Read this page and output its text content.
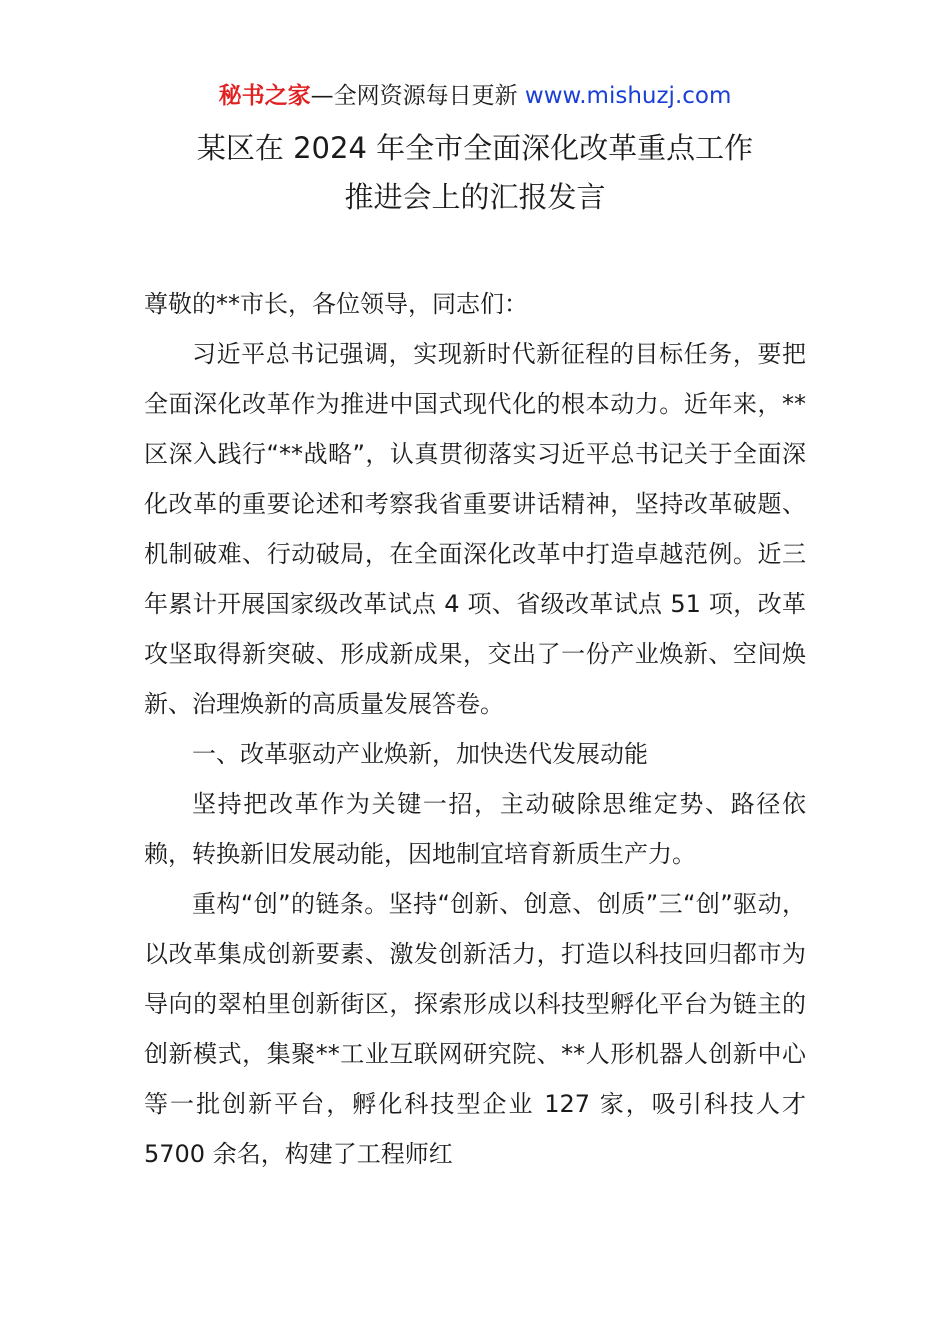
秘书之家—全网资源每日更新 www.mishuzj.com
某区在 2024 年全市全面深化改革重点工作
推进会上的汇报发言

尊敬的**市长，各位领导，同志们：

习近平总书记强调，实现新时代新征程的目标任务，要把全面深化改革作为推进中国式现代化的根本动力。近年来，**区深入践行“**战略”，认真贯彻落实习近平总书记关于全面深化改革的重要论述和考察我省重要讲话精神，坚持改革破题、机制破难、行动破局，在全面深化改革中打造卓越范例。近三年累计开展国家级改革试点 4 项、省级改革试点 51 项，改革攻坚取得新突破、形成新成果，交出了一份产业焕新、空间焕新、治理焕新的高质量发展答卷。

一、改革驱动产业焕新，加快迭代发展动能

坚持把改革作为关键一招，主动破除思维定势、路径依赖，转换新旧发展动能，因地制宜培育新质生产力。

重构“创”的链条。坚持“创新、创意、创质”三“创”驱动，以改革集成创新要素、激发创新活力，打造以科技回归都市为导向的翠柏里创新街区，探索形成以科技型孵化平台为链主的创新模式，集聚**工业互联网研究院、**人形机器人创新中心等一批创新平台，孵化科技型企业 127 家，吸引科技人才 5700 余名，构建了工程师红
